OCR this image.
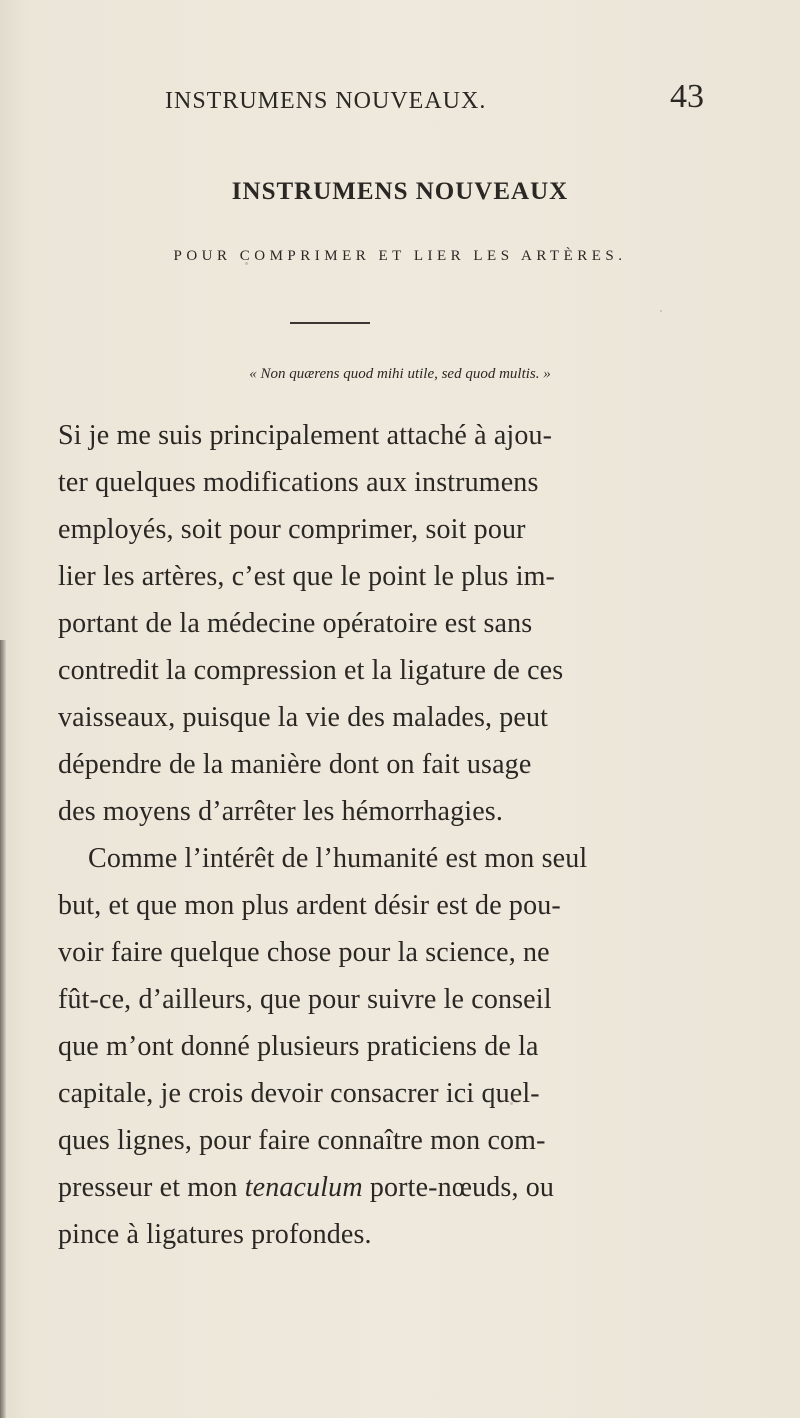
INSTRUMENS NOUVEAUX.	43
INSTRUMENS NOUVEAUX
POUR COMPRIMER ET LIER LES ARTÈRES.
« Non quærens quod mihi utile, sed quod multis. »
Si je me suis principalement attaché à ajou-
ter quelques modifications aux instrumens
employés, soit pour comprimer, soit pour
lier les artères, c’est que le point le plus im-
portant de la médecine opératoire est sans
contredit la compression et la ligature de ces
vaisseaux, puisque la vie des malades, peut
dépendre de la manière dont on fait usage
des moyens d’arrêter les hémorrhagies.
Comme l’intérêt de l’humanité est mon seul
but, et que mon plus ardent désir est de pou-
voir faire quelque chose pour la science, ne
fût-ce, d’ailleurs, que pour suivre le conseil
que m’ont donné plusieurs praticiens de la
capitale, je crois devoir consacrer ici quel-
ques lignes, pour faire connaître mon com-
presseur et mon tenaculum porte-nœuds, ou
pince à ligatures profondes.
